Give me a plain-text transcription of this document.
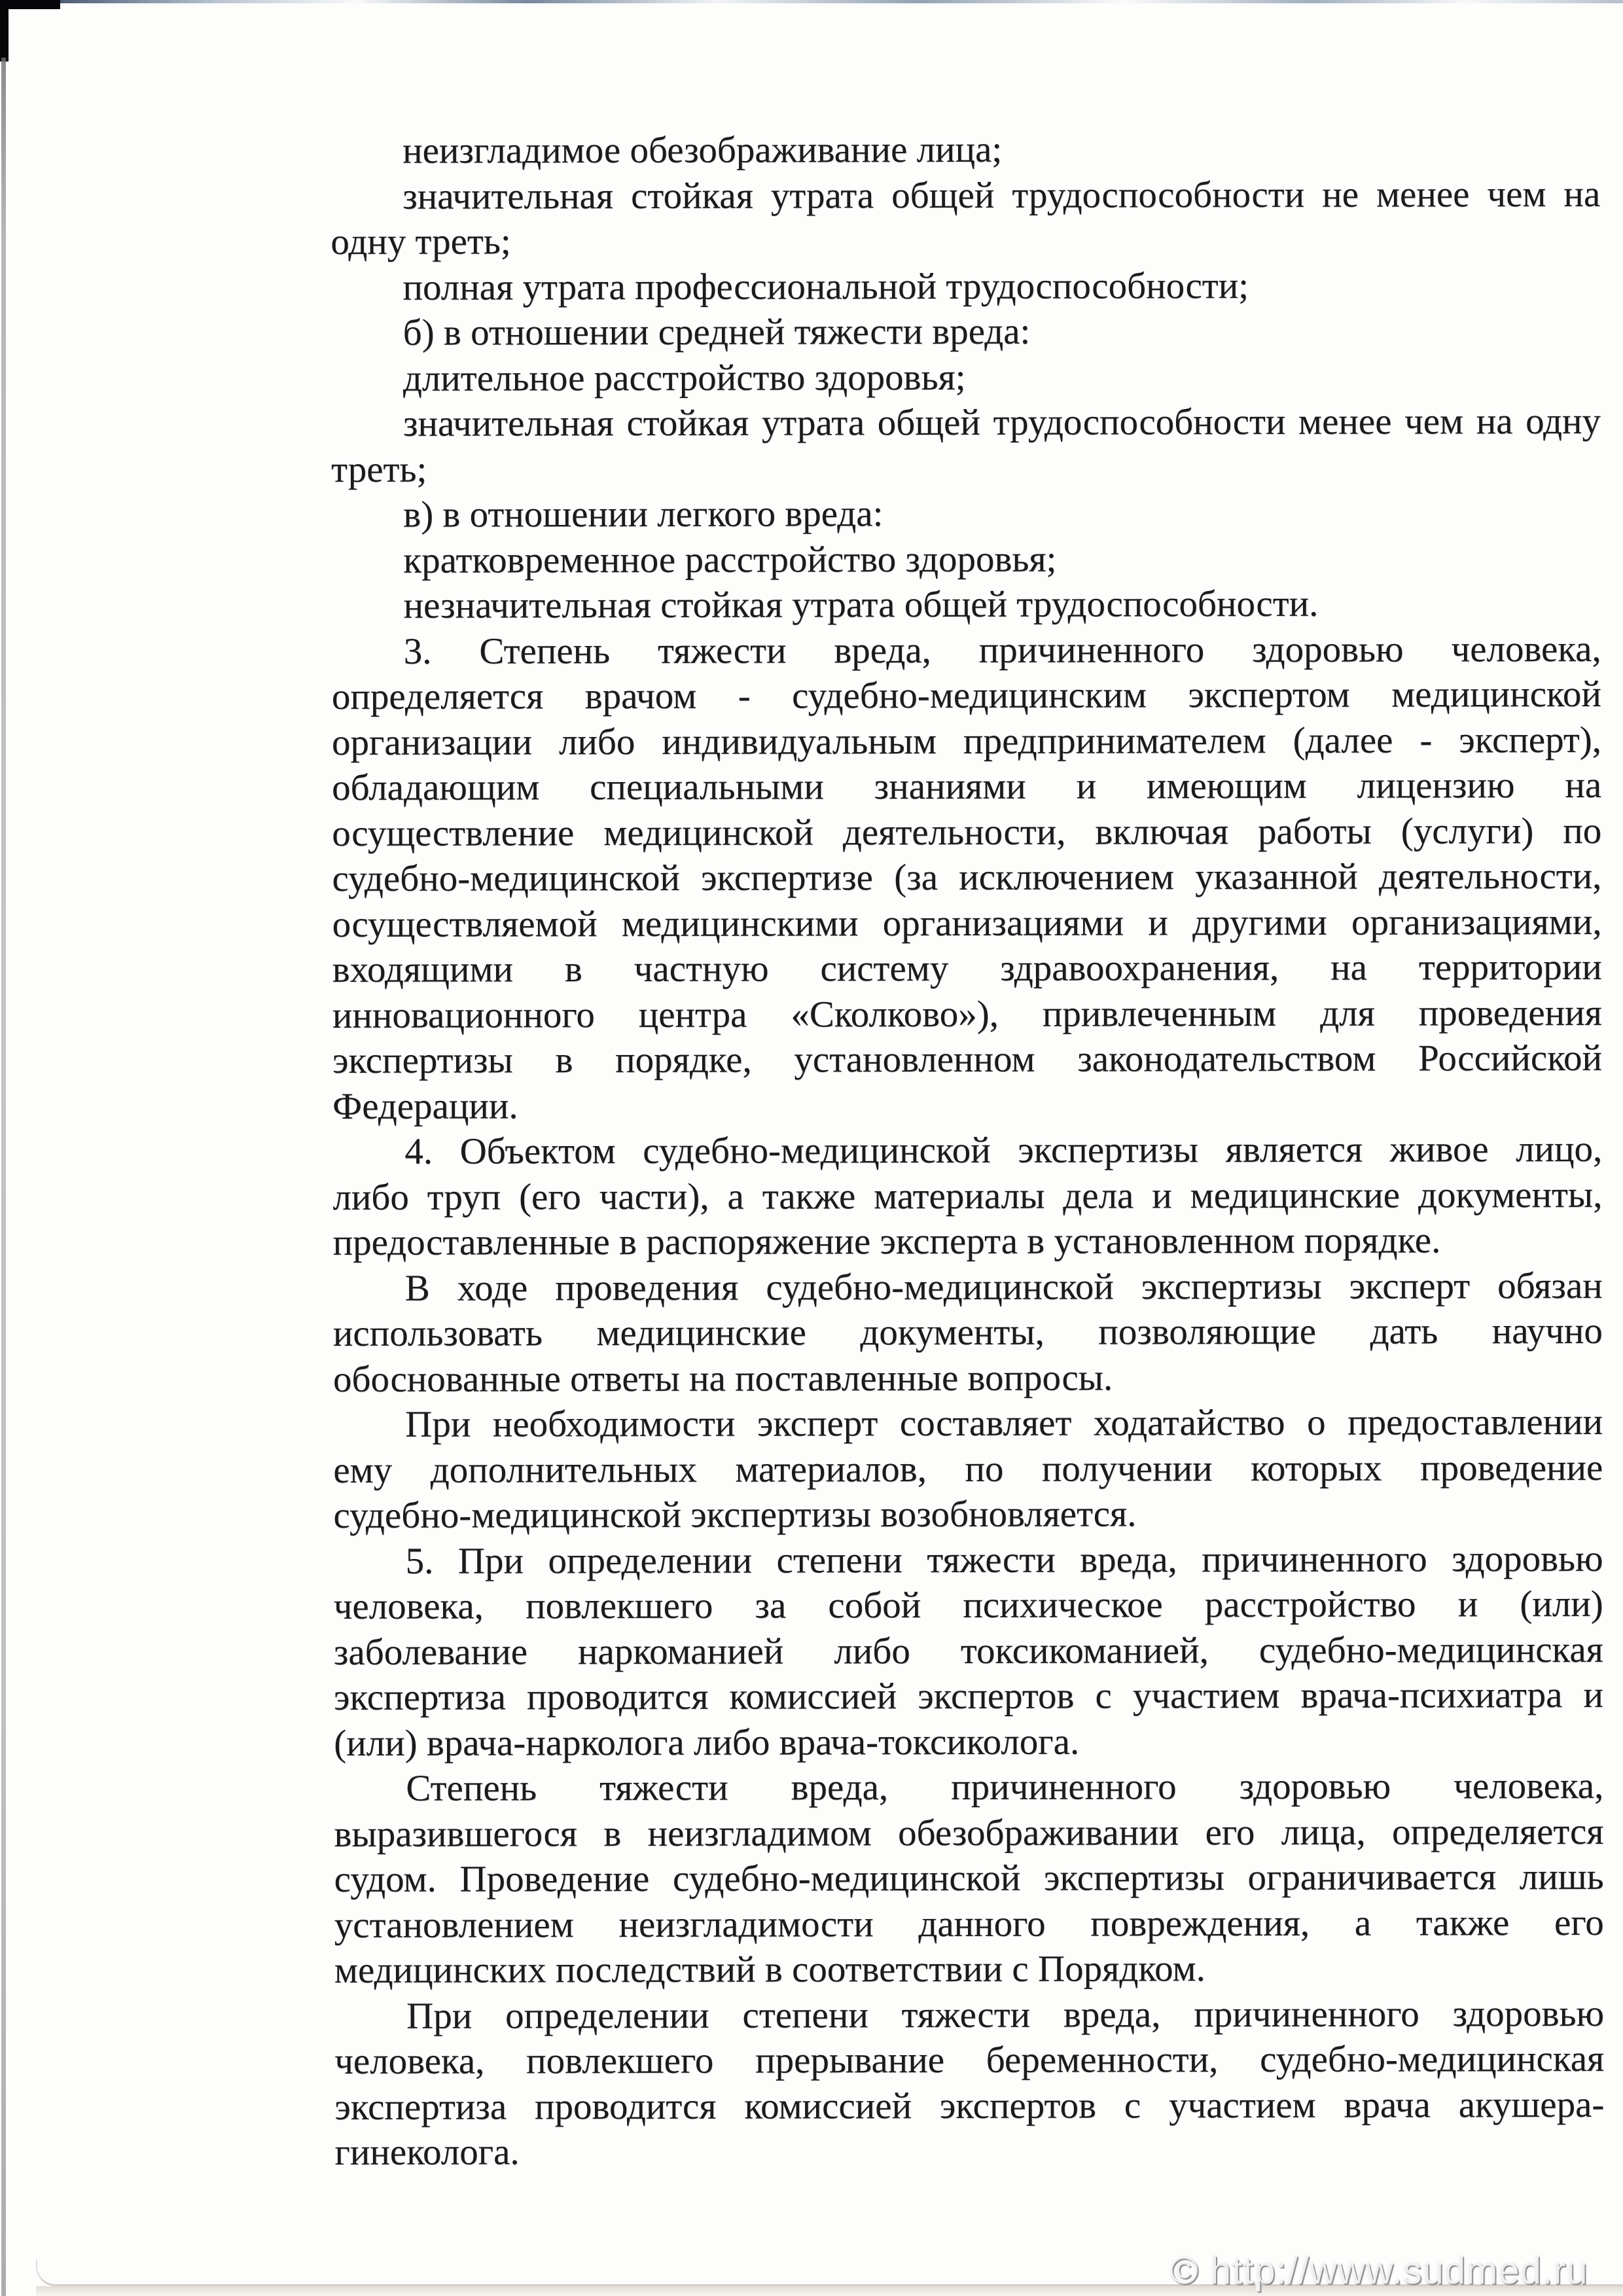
неизгладимое обезображивание лица;
значительная стойкая утрата общей трудоспособности не менее чем на
одну треть;
полная утрата профессиональной трудоспособности;
б) в отношении средней тяжести вреда:
длительное расстройство здоровья;
значительная стойкая утрата общей трудоспособности менее чем на одну
треть;
в) в отношении легкого вреда:
кратковременное расстройство здоровья;
незначительная стойкая утрата общей трудоспособности.
3. Степень тяжести вреда, причиненного здоровью человека,
определяется врачом - судебно-медицинским экспертом медицинской
организации либо индивидуальным предпринимателем (далее - эксперт),
обладающим специальными знаниями и имеющим лицензию на
осуществление медицинской деятельности, включая работы (услуги) по
судебно-медицинской экспертизе (за исключением указанной деятельности,
осуществляемой медицинскими организациями и другими организациями,
входящими в частную систему здравоохранения, на территории
инновационного центра «Сколково»), привлеченным для проведения
экспертизы в порядке, установленном законодательством Российской
Федерации.
4. Объектом судебно-медицинской экспертизы является живое лицо,
либо труп (его части), а также материалы дела и медицинские документы,
предоставленные в распоряжение эксперта в установленном порядке.
В ходе проведения судебно-медицинской экспертизы эксперт обязан
использовать медицинские документы, позволяющие дать научно
обоснованные ответы на поставленные вопросы.
При необходимости эксперт составляет ходатайство о предоставлении
ему дополнительных материалов, по получении которых проведение
судебно-медицинской экспертизы возобновляется.
5. При определении степени тяжести вреда, причиненного здоровью
человека, повлекшего за собой психическое расстройство и (или)
заболевание наркоманией либо токсикоманией, судебно-медицинская
экспертиза проводится комиссией экспертов с участием врача-психиатра и
(или) врача-нарколога либо врача-токсиколога.
Степень тяжести вреда, причиненного здоровью человека,
выразившегося в неизгладимом обезображивании его лица, определяется
судом. Проведение судебно-медицинской экспертизы ограничивается лишь
установлением неизгладимости данного повреждения, а также его
медицинских последствий в соответствии с Порядком.
При определении степени тяжести вреда, причиненного здоровью
человека, повлекшего прерывание беременности, судебно-медицинская
экспертиза проводится комиссией экспертов с участием врача акушера-
гинеколога.
© http://www.sudmed.ru
